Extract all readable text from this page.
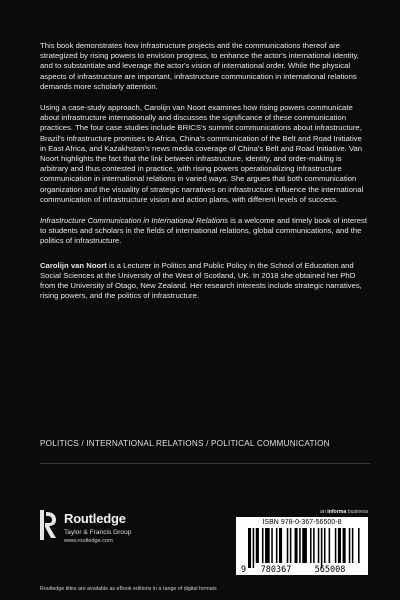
This book demonstrates how infrastructure projects and the communications thereof are strategized by rising powers to envision progress, to enhance the actor's international identity, and to substantiate and leverage the actor's vision of international order. While the physical aspects of infrastructure are important, infrastructure communication in international relations demands more scholarly attention.

Using a case-study approach, Carolijn van Noort examines how rising powers communicate about infrastructure internationally and discusses the significance of these communication practices. The four case studies include BRICS's summit communications about infrastructure, Brazil's infrastructure promises to Africa, China's communication of the Belt and Road Initiative in East Africa, and Kazakhstan's news media coverage of China's Belt and Road Initiative. Van Noort highlights the fact that the link between infrastructure, identity, and order-making is arbitrary and thus contested in practice, with rising powers operationalizing infrastructure communication in international relations in varied ways. She argues that both communication organization and the visuality of strategic narratives on infrastructure influence the international communication of infrastructure vision and action plans, with different levels of success.

Infrastructure Communication in International Relations is a welcome and timely book of interest to students and scholars in the fields of international relations, global communications, and the politics of infrastructure.

Carolijn van Noort is a Lecturer in Politics and Public Policy in the School of Education and Social Sciences at the University of the West of Scotland, UK. In 2018 she obtained her PhD from the University of Otago, New Zealand. Her research interests include strategic narratives, rising powers, and the politics of infrastructure.

POLITICS / INTERNATIONAL RELATIONS / POLITICAL COMMUNICATION
Routledge
Taylor & Francis Group
www.routledge.com
an informa business
ISBN 978-0-367-56500-8
9 780367	565008
Routledge titles are available as eBook editions in a range of digital formats
